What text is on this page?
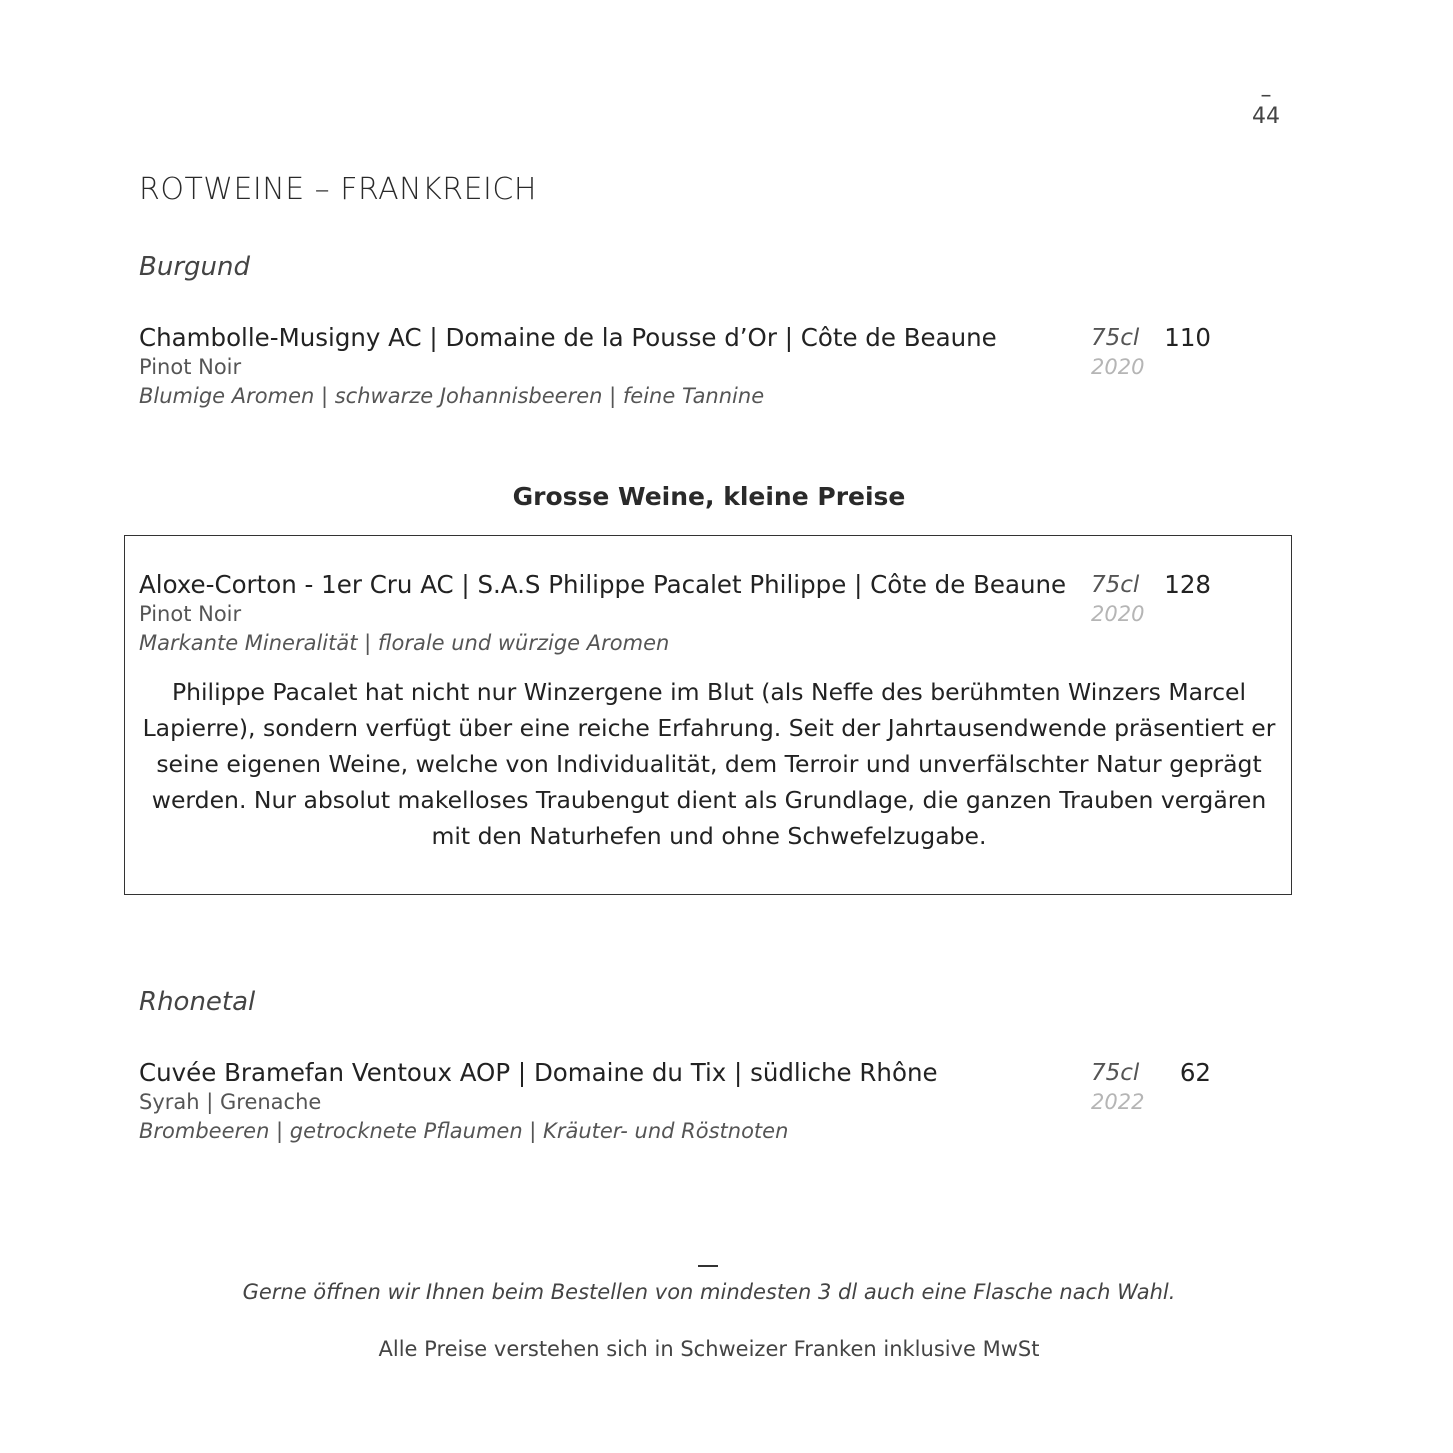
–
44
ROTWEINE – FRANKREICH
Burgund
Chambolle-Musigny AC | Domaine de la Pousse d’Or | Côte de Beaune
Pinot Noir
Blumige Aromen | schwarze Johannisbeeren | feine Tannine
75cl
2020
110
Grosse Weine, kleine Preise
Aloxe-Corton - 1er Cru AC | S.A.S Philippe Pacalet Philippe | Côte de Beaune
Pinot Noir
Markante Mineralität | florale und würzige Aromen
75cl
2020
128
Philippe Pacalet hat nicht nur Winzergene im Blut (als Neffe des berühmten Winzers Marcel Lapierre), sondern verfügt über eine reiche Erfahrung. Seit der Jahrtausendwende präsentiert er seine eigenen Weine, welche von Individualität, dem Terroir und unverfälschter Natur geprägt werden. Nur absolut makelloses Traubengut dient als Grundlage, die ganzen Trauben vergären mit den Naturhefen und ohne Schwefelzugabe.
Rhonetal
Cuvée Bramefan Ventoux AOP | Domaine du Tix | südliche Rhône
Syrah | Grenache
Brombeeren | getrocknete Pflaumen | Kräuter- und Röstnoten
75cl
2022
62
Gerne öffnen wir Ihnen beim Bestellen von mindesten 3 dl auch eine Flasche nach Wahl.
Alle Preise verstehen sich in Schweizer Franken inklusive MwSt
